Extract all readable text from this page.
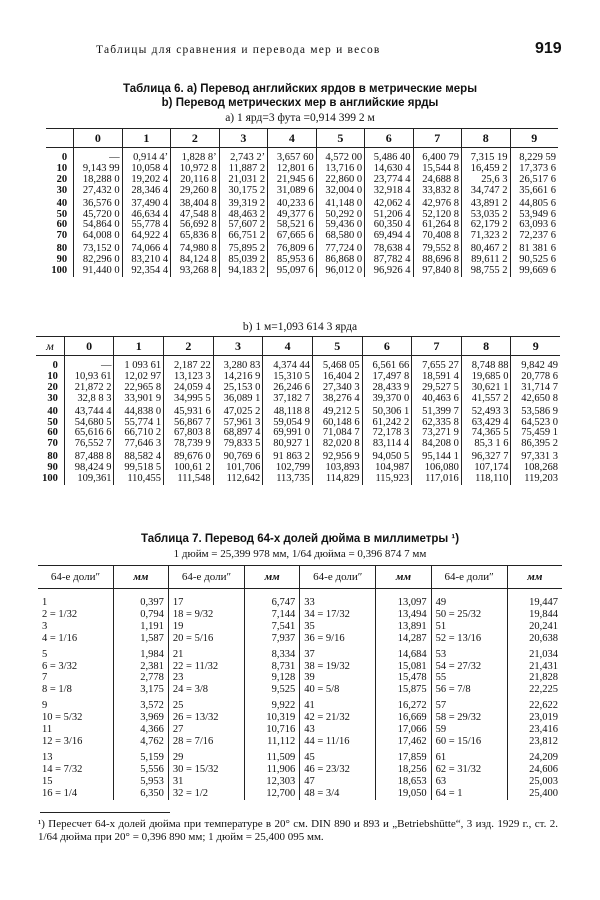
Таблицы для сравнения и перевода мер и весов	919
Таблица 6. а) Перевод английских ярдов в метрические меры
b) Перевод метрических мер в английские ярды
а) 1 ярд=3 фута =0,914 399 2 м
	0	1	2	3	4	5	6	7	8	9

0	—	0,914 4’	1,828 8’	2,743 2’	3,657 60	4,572 00	5,486 40	6,400 79	7,315 19	8,229 59
10	9,143 99	10,058 4	10,972 8	11,887 2	12,801 6	13,716 0	14,630 4	15,544 8	16,459 2	17,373 6
20	18,288 0	19,202 4	20,116 8	21,031 2	21,945 6	22,860 0	23,774 4	24,688 8	25,6 3	26,517 6
30	27,432 0	28,346 4	29,260 8	30,175 2	31,089 6	32,004 0	32,918 4	33,832 8	34,747 2	35,661 6

40	36,576 0	37,490 4	38,404 8	39,319 2	40,233 6	41,148 0	42,062 4	42,976 8	43,891 2	44,805 6
50	45,720 0	46,634 4	47,548 8	48,463 2	49,377 6	50,292 0	51,206 4	52,120 8	53,035 2	53,949 6
60	54,864 0	55,778 4	56,692 8	57,607 2	58,521 6	59,436 0	60,350 4	61,264 8	62,179 2	63,093 6
70	64,008 0	64,922 4	65,836 8	66,751 2	67,665 6	68,580 0	69,494 4	70,408 8	71,323 2	72,237 6

80	73,152 0	74,066 4	74,980 8	75,895 2	76,809 6	77,724 0	78,638 4	79,552 8	80,467 2	81 381 6
90	82,296 0	83,210 4	84,124 8	85,039 2	85,953 6	86,868 0	87,782 4	88,696 8	89,611 2	90,525 6
100	91,440 0	92,354 4	93,268 8	94,183 2	95,097 6	96,012 0	96,926 4	97,840 8	98,755 2	99,669 6
b) 1 м=1,093 614 3 ярда
м	0	1	2	3	4	5	6	7	8	9

0	—	1 093 61	2,187 22	3,280 83	4,374 44	5,468 05	6,561 66	7,655 27	8,748 88	9,842 49
10	10,93 61	12,02 97	13,123 3	14,216 9	15,310 5	16,404 2	17,497 8	18,591 4	19,685 0	20,778 6
20	21,872 2	22,965 8	24,059 4	25,153 0	26,246 6	27,340 3	28,433 9	29,527 5	30,621 1	31,714 7
30	32,8 8 3	33,901 9	34,995 5	36,089 1	37,182 7	38,276 4	39,370 0	40,463 6	41,557 2	42,650 8

40	43,744 4	44,838 0	45,931 6	47,025 2	48,118 8	49,212 5	50,306 1	51,399 7	52,493 3	53,586 9
50	54,680 5	55,774 1	56,867 7	57,961 3	59,054 9	60,148 6	61,242 2	62,335 8	63,429 4	64,523 0
60	65,616 6	66,710 2	67,803 8	68,897 4	69,991 0	71,084 7	72,178 3	73,271 9	74,365 5	75,459 1
70	76,552 7	77,646 3	78,739 9	79,833 5	80,927 1	82,020 8	83,114 4	84,208 0	85,3 1 6	86,395 2

80	87,488 8	88,582 4	89,676 0	90,769 6	91 863 2	92,956 9	94,050 5	95,144 1	96,327 7	97,331 3
90	98,424 9	99,518 5	100,61 2	101,706	102,799	103,893	104,987	106,080	107,174	108,268
100	109,361	110,455	111,548	112,642	113,735	114,829	115,923	117,016	118,110	119,203
Таблица 7. Перевод 64-х долей дюйма в миллиметры ¹)
1 дюйм = 25,399 978 мм, 1/64 дюйма = 0,396 874 7 мм
64-е доли″	мм	64-е доли″	мм	64-е доли″	мм	64-е доли″	мм

1	0,397	17	6,747	33	13,097	49	19,447
2 = 1/32	0,794	18 = 9/32	7,144	34 = 17/32	13,494	50 = 25/32	19,844
3	1,191	19	7,541	35	13,891	51	20,241
4 = 1/16	1,587	20 = 5/16	7,937	36 = 9/16	14,287	52 = 13/16	20,638

5	1,984	21	8,334	37	14,684	53	21,034
6 = 3/32	2,381	22 = 11/32	8,731	38 = 19/32	15,081	54 = 27/32	21,431
7	2,778	23	9,128	39	15,478	55	21,828
8 = 1/8	3,175	24 = 3/8	9,525	40 = 5/8	15,875	56 = 7/8	22,225

9	3,572	25	9,922	41	16,272	57	22,622
10 = 5/32	3,969	26 = 13/32	10,319	42 = 21/32	16,669	58 = 29/32	23,019
11	4,366	27	10,716	43	17,066	59	23,416
12 = 3/16	4,762	28 = 7/16	11,112	44 = 11/16	17,462	60 = 15/16	23,812

13	5,159	29	11,509	45	17,859	61	24,209
14 = 7/32	5,556	30 = 15/32	11,906	46 = 23/32	18,256	62 = 31/32	24,606
15	5,953	31	12,303	47	18,653	63	25,003
16 = 1/4	6,350	32 = 1/2	12,700	48 = 3/4	19,050	64 = 1	25,400
¹) Пересчет 64-х долей дюйма при температуре в 20° см. DIN 890 и 893 и „Betriebshütte“, 3 изд. 1929 г., ст. 2. 1/64 дюйма при 20° = 0,396 890 мм; 1 дюйм = 25,400 095 мм.
